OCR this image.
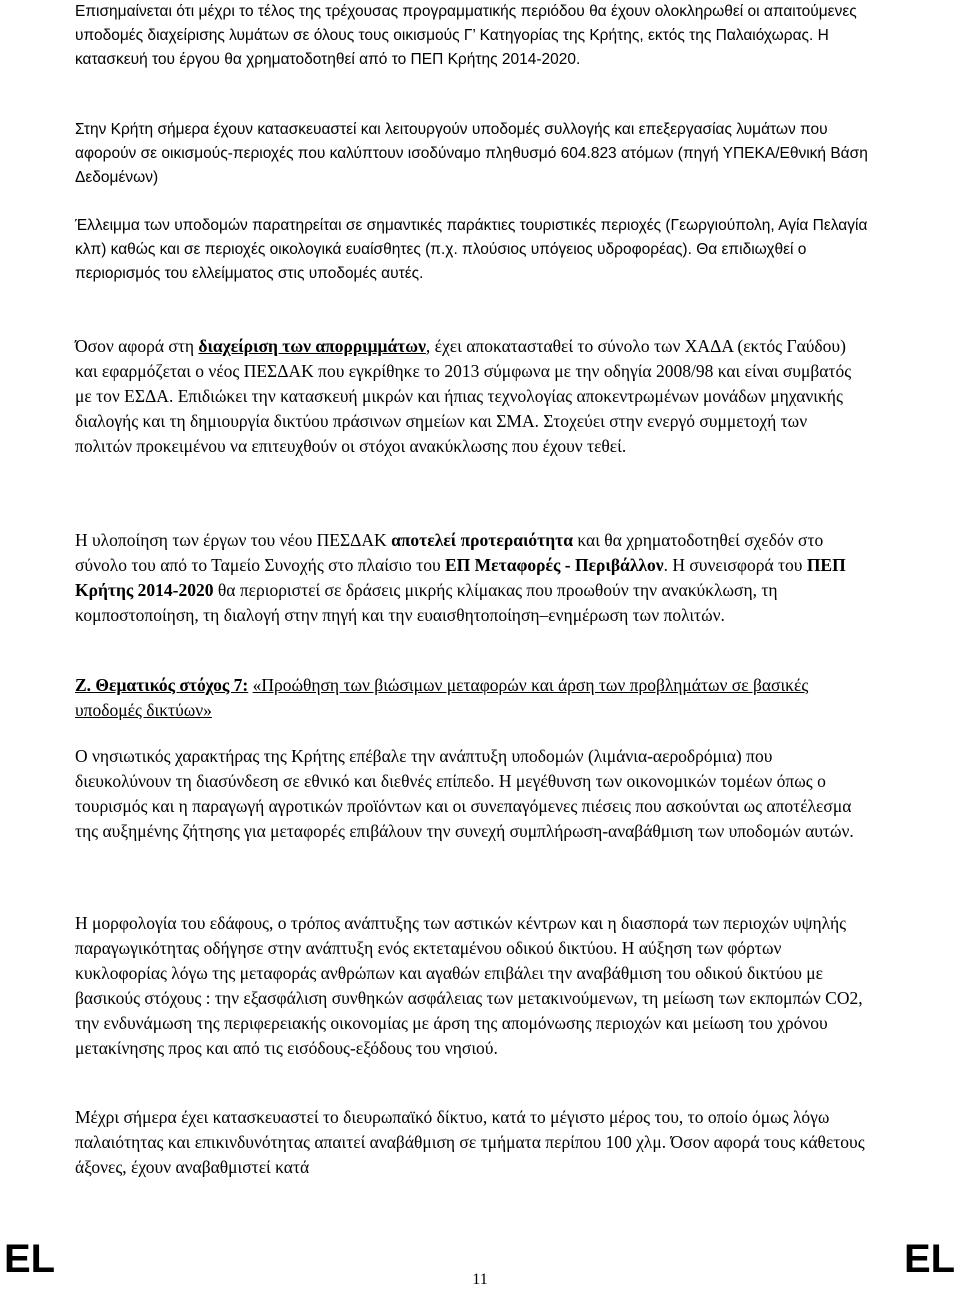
Επισημαίνεται ότι μέχρι το τέλος της τρέχουσας προγραμματικής περιόδου θα έχουν ολοκληρωθεί οι απαιτούμενες υποδομές διαχείρισης λυμάτων σε όλους τους οικισμούς Γ’ Κατηγορίας της Κρήτης, εκτός της Παλαιόχωρας. Η κατασκευή του έργου θα χρηματοδοτηθεί από το ΠΕΠ Κρήτης 2014-2020.

Στην Κρήτη σήμερα έχουν κατασκευαστεί και λειτουργούν υποδομές συλλογής και επεξεργασίας λυμάτων που αφορούν σε οικισμούς-περιοχές που καλύπτουν ισοδύναμο πληθυσμό 604.823 ατόμων (πηγή ΥΠΕΚΑ/Εθνική Βάση Δεδομένων)

Έλλειμμα των υποδομών παρατηρείται σε σημαντικές παράκτιες τουριστικές περιοχές (Γεωργιούπολη, Αγία Πελαγία κλπ) καθώς και σε περιοχές οικολογικά ευαίσθητες (π.χ. πλούσιος υπόγειος υδροφορέας). Θα επιδιωχθεί ο περιορισμός του ελλείμματος στις υποδομές αυτές.

Όσον αφορά στη διαχείριση των απορριμμάτων, έχει αποκατασταθεί το σύνολο των ΧΑΔΑ (εκτός Γαύδου) και εφαρμόζεται ο νέος ΠΕΣΔΑΚ που εγκρίθηκε το 2013 σύμφωνα με την οδηγία 2008/98 και είναι συμβατός με τον ΕΣΔΑ. Επιδιώκει την κατασκευή μικρών και ήπιας τεχνολογίας αποκεντρωμένων μονάδων μηχανικής διαλογής και τη δημιουργία δικτύου πράσινων σημείων και ΣΜΑ. Στοχεύει στην ενεργό συμμετοχή των πολιτών προκειμένου να επιτευχθούν οι στόχοι ανακύκλωσης που έχουν τεθεί.

Η υλοποίηση των έργων του νέου ΠΕΣΔΑΚ αποτελεί προτεραιότητα και θα χρηματοδοτηθεί σχεδόν στο σύνολο του από το Ταμείο Συνοχής στο πλαίσιο του ΕΠ Μεταφορές - Περιβάλλον. Η συνεισφορά του ΠΕΠ Κρήτης 2014-2020 θα περιοριστεί σε δράσεις μικρής κλίμακας που προωθούν την ανακύκλωση, τη κομποστοποίηση, τη διαλογή στην πηγή και την ευαισθητοποίηση–ενημέρωση των πολιτών.

Ζ. Θεματικός στόχος 7: «Προώθηση των βιώσιμων μεταφορών και άρση των προβλημάτων σε βασικές υποδομές δικτύων»

Ο νησιωτικός χαρακτήρας της Κρήτης επέβαλε την ανάπτυξη υποδομών (λιμάνια-αεροδρόμια) που διευκολύνουν τη διασύνδεση σε εθνικό και διεθνές επίπεδο. Η μεγέθυνση των οικονομικών τομέων όπως ο τουρισμός και η παραγωγή αγροτικών προϊόντων και οι συνεπαγόμενες πιέσεις που ασκούνται ως αποτέλεσμα της αυξημένης ζήτησης για μεταφορές επιβάλουν την συνεχή συμπλήρωση-αναβάθμιση των υποδομών αυτών.

Η μορφολογία του εδάφους, ο τρόπος ανάπτυξης των αστικών κέντρων και η διασπορά των περιοχών υψηλής παραγωγικότητας οδήγησε στην ανάπτυξη ενός εκτεταμένου οδικού δικτύου. Η αύξηση των φόρτων κυκλοφορίας λόγω της μεταφοράς ανθρώπων και αγαθών επιβάλει την αναβάθμιση του οδικού δικτύου με βασικούς στόχους : την εξασφάλιση συνθηκών ασφάλειας των μετακινούμενων, τη μείωση των εκπομπών CO2, την ενδυνάμωση της περιφερειακής οικονομίας με άρση της απομόνωσης περιοχών και μείωση του χρόνου μετακίνησης προς και από τις εισόδους-εξόδους του νησιού.

Μέχρι σήμερα έχει κατασκευαστεί το διευρωπαϊκό δίκτυο, κατά το μέγιστο μέρος του, το οποίο όμως λόγω παλαιότητας και επικινδυνότητας απαιτεί αναβάθμιση σε τμήματα περίπου 100 χλμ. Όσον αφορά τους κάθετους άξονες, έχουν αναβαθμιστεί κατά

EL	EL
11
